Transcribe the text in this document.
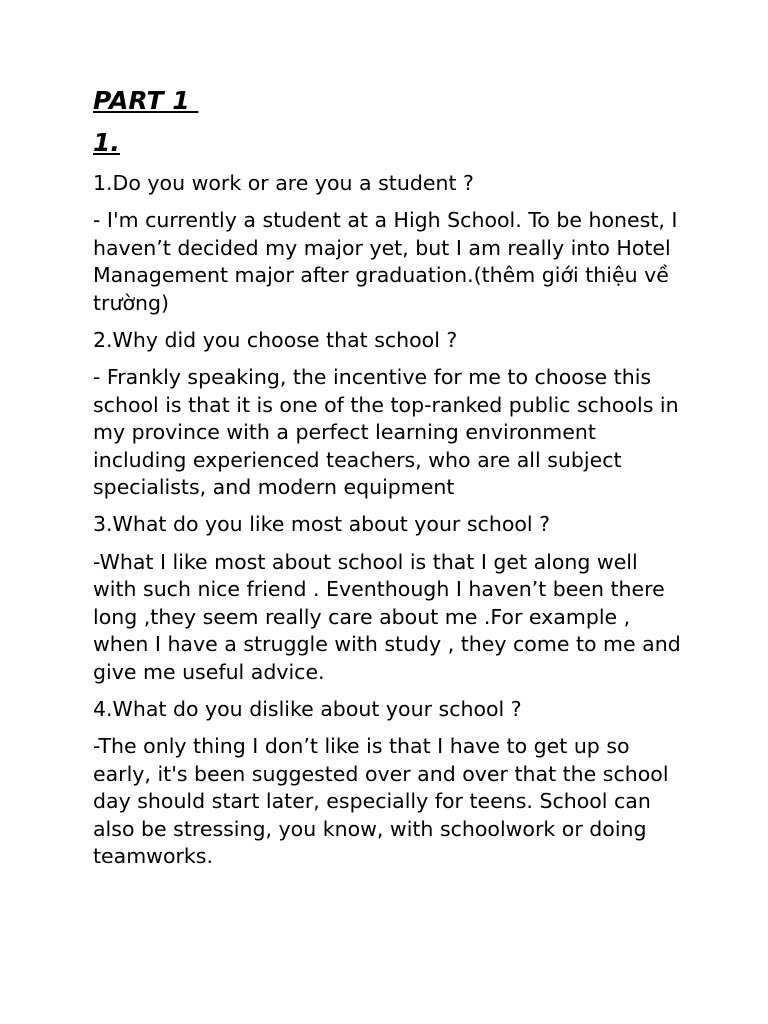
PART 1

1.

1.Do you work or are you a student ?

- I'm currently a student at a High School. To be honest, I haven’t decided my major yet, but I am really into Hotel Management major after graduation.(thêm giới thiệu về trường)

2.Why did you choose that school ?

- Frankly speaking, the incentive for me to choose this school is that it is one of the top-ranked public schools in my province with a perfect learning environment including experienced teachers, who are all subject specialists, and modern equipment

3.What do you like most about your school ?

-What I like most about school is that I get along well with such nice friend . Eventhough I haven’t been there long ,they seem really care about me .For example , when I have a struggle with study , they come to me and give me useful advice.

4.What do you dislike about your school ?

-The only thing I don’t like is that I have to get up so early, it's been suggested over and over that the school day should start later, especially for teens. School can also be stressing, you know, with schoolwork or doing teamworks.
